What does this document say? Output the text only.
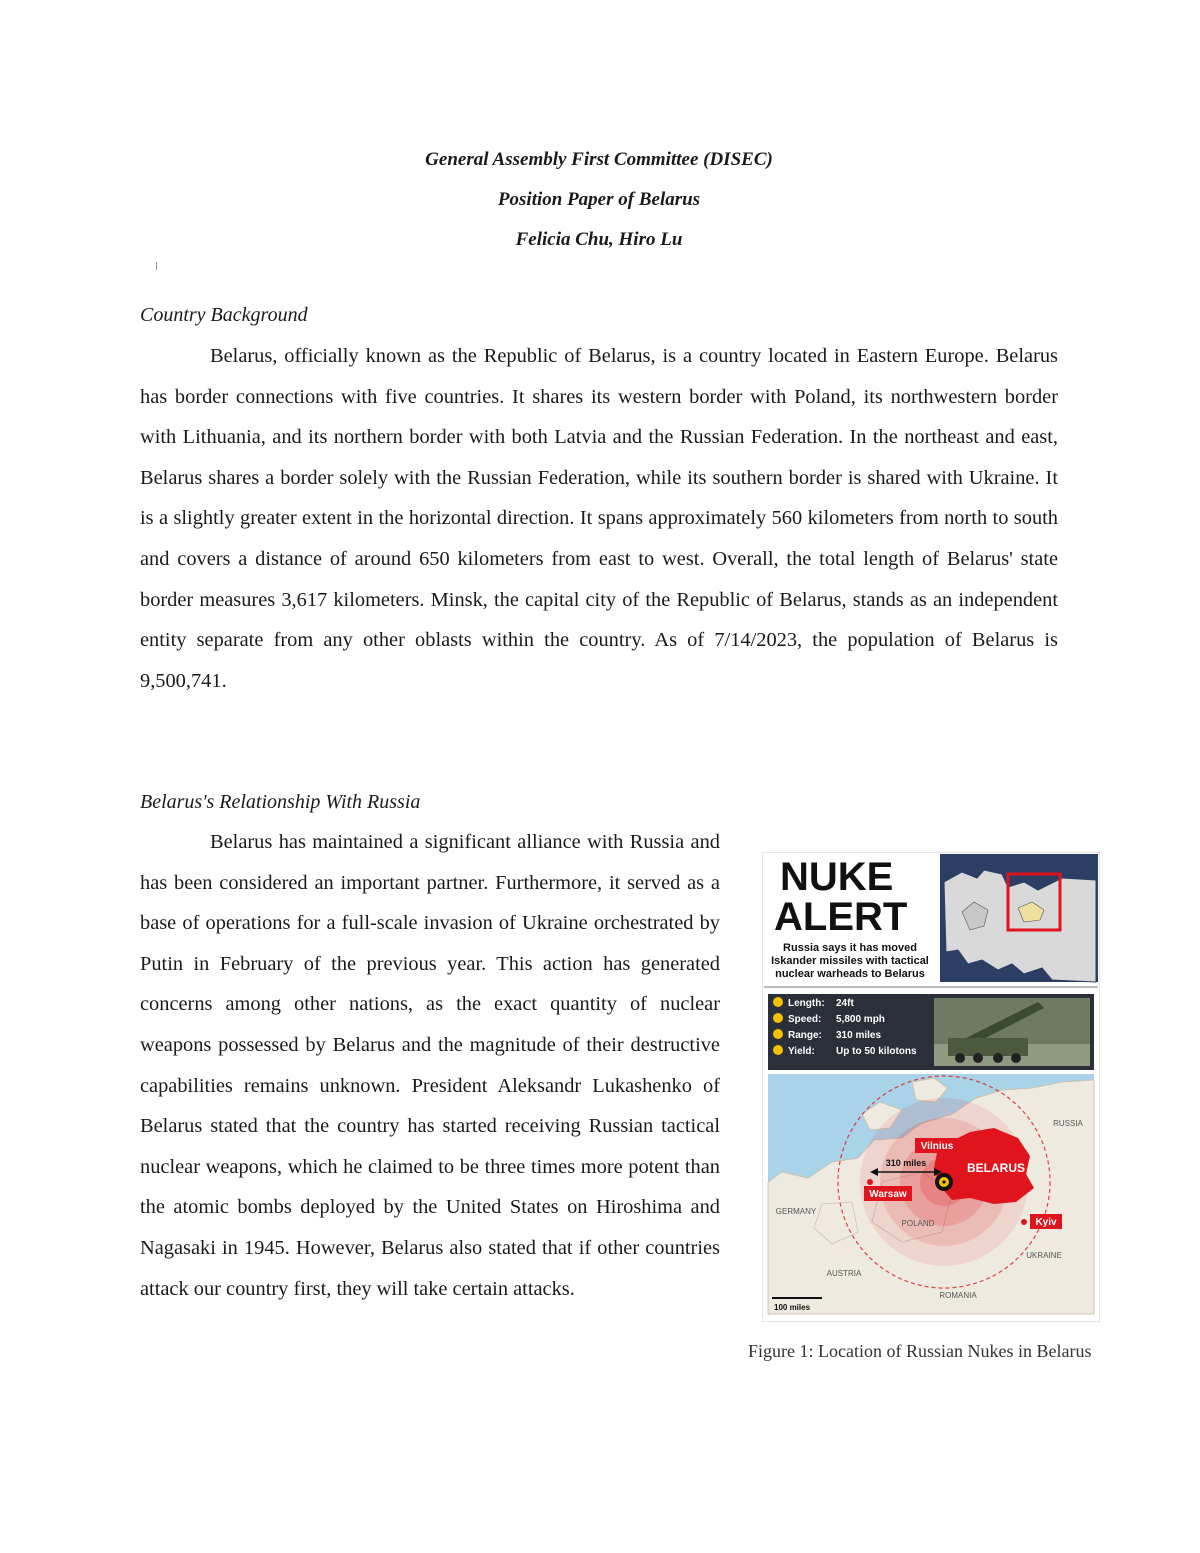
General Assembly First Committee (DISEC)
Position Paper of Belarus
Felicia Chu, Hiro Lu
Country Background

Belarus, officially known as the Republic of Belarus, is a country located in Eastern Europe. Belarus has border connections with five countries. It shares its western border with Poland, its northwestern border with Lithuania, and its northern border with both Latvia and the Russian Federation. In the northeast and east, Belarus shares a border solely with the Russian Federation, while its southern border is shared with Ukraine. It is a slightly greater extent in the horizontal direction. It spans approximately 560 kilometers from north to south and covers a distance of around 650 kilometers from east to west. Overall, the total length of Belarus' state border measures 3,617 kilometers. Minsk, the capital city of the Republic of Belarus, stands as an independent entity separate from any other oblasts within the country. As of 7/14/2023, the population of Belarus is 9,500,741.

Belarus's Relationship With Russia

Belarus has maintained a significant alliance with Russia and has been considered an important partner. Furthermore, it served as a base of operations for a full-scale invasion of Ukraine orchestrated by Putin in February of the previous year. This action has generated concerns among other nations, as the exact quantity of nuclear weapons possessed by Belarus and the magnitude of their destructive capabilities remains unknown. President Aleksandr Lukashenko of Belarus stated that the country has started receiving Russian tactical nuclear weapons, which he claimed to be three times more potent than the atomic bombs deployed by the United States on Hiroshima and Nagasaki in 1945. However, Belarus also stated that if other countries attack our country first, they will take certain attacks.

NUKE
ALERT
Russia says it has moved
Iskander missiles with tactical
nuclear warheads to Belarus
Length: 24ft
Speed: 5,800 mph
Range: 310 miles
Yield: Up to 50 kilotons
310 miles
Vilnius
BELARUS
Warsaw
Kyiv
RUSSIA
GERMANY
POLAND
UKRAINE
AUSTRIA
ROMANIA
100 miles
Figure 1: Location of Russian Nukes in Belarus
